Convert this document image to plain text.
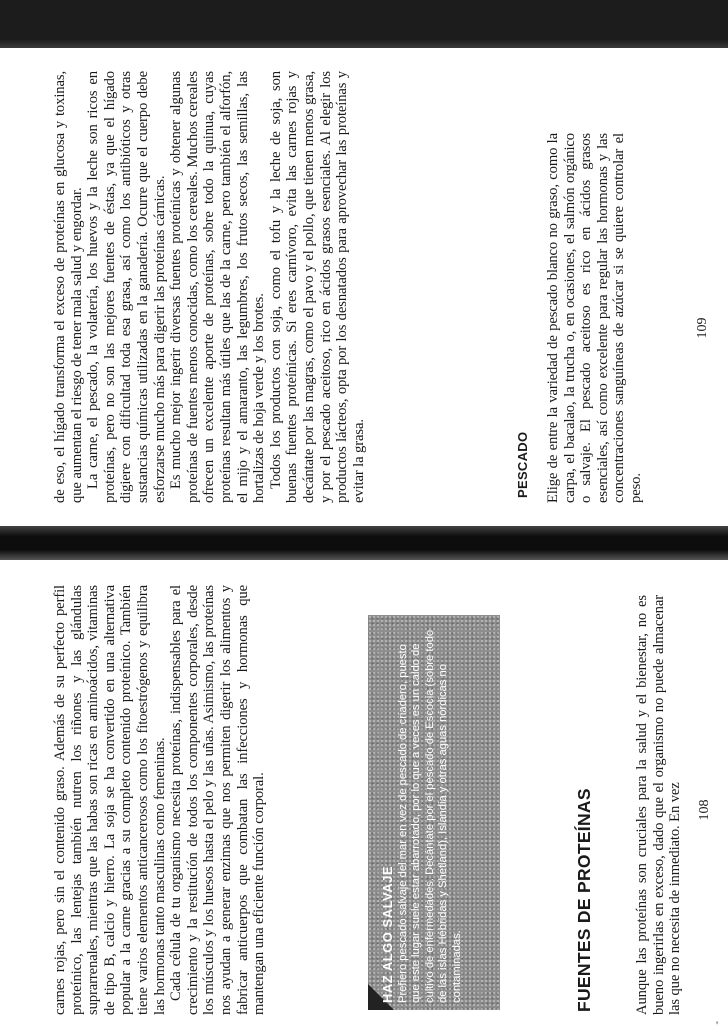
de eso, el hígado transforma el exceso de proteínas en glucosa y toxinas, que aumentan el riesgo de tener mala salud y engordar. La carne, el pescado, la volatería, los huevos y la leche son ricos en proteínas, pero no son las mejores fuentes de éstas, ya que el hígado digiere con dificultad toda esa grasa, así como los antibióticos y otras sustancias químicas utilizadas en la ganadería. Ocurre que el cuerpo debe esforzarse mucho más para digerir las proteínas cárnicas. Es mucho mejor ingerir diversas fuentes proteínicas y obtener algunas proteínas de fuentes menos conocidas, como los cereales. Muchos cereales ofrecen un excelente aporte de proteínas, sobre todo la quinua, cuyas proteínas resultan más útiles que las de la carne, pero también el alforfón, el mijo y el amaranto, las legumbres, los frutos secos, las semillas, las hortalizas de hoja verde y los brotes. Todos los productos con soja, como el tofu y la leche de soja, son buenas fuentes proteínicas. Si eres carnívoro, evita las carnes rojas y decántate por las magras, como el pavo y el pollo, que tienen menos grasa, y por el pescado aceitoso, rico en ácidos grasos esenciales. Al elegir los productos lácteos, opta por los desnatados para aprovechar las proteínas y evitar la grasa.	PESCADO Elige de entre la variedad de pescado blanco no graso, como la carpa, el bacalao, la trucha o, en ocasiones, el salmón orgánico o salvaje. El pescado aceitoso es rico en ácidos grasos esenciales, así como excelente para regular las hormonas y las concentraciones sanguíneas de azúcar si se quiere controlar el peso.

109

carnes rojas, pero sin el contenido graso. Además de su perfecto perfil proteínico, las lentejas también nutren los riñones y las glándulas suprarrenales, mientras que las habas son ricas en aminoácidos, vitaminas de tipo B, calcio y hierro. La soja se ha convertido en una alternativa popular a la carne gracias a su completo contenido proteínico. También tiene varios elementos anticancerosos como los fitoestrógenos y equilibra las hormonas tanto masculinas como femeninas. Cada célula de tu organismo necesita proteínas, indispensables para el crecimiento y la restitución de todos los componentes corporales, desde los músculos y los huesos hasta el pelo y las uñas. Asimismo, las proteínas nos ayudan a generar enzimas que nos permiten digerir los alimentos y fabricar anticuerpos que combatan las infecciones y hormonas que mantengan una eficiente función corporal.	HAZ ALGO SALVAJE Prefiero pescado salvaje del mar en vez de pescado de criadero, puesto que este lugar suele estar abarrotado, por lo que a veces es un caldo de cultivo de enfermedades. Decántate por el pescado de Escocia (sobre todo de las islas Hébridas y Shetland), Islandia y otras aguas nórdicas no contaminadas.	FUENTES DE PROTEÍNAS	Aunque las proteínas son cruciales para la salud y el bienestar, no es bueno ingerirlas en exceso, dado que el organismo no puede almacenar las que no necesita de inmediato. En vez 108
'
